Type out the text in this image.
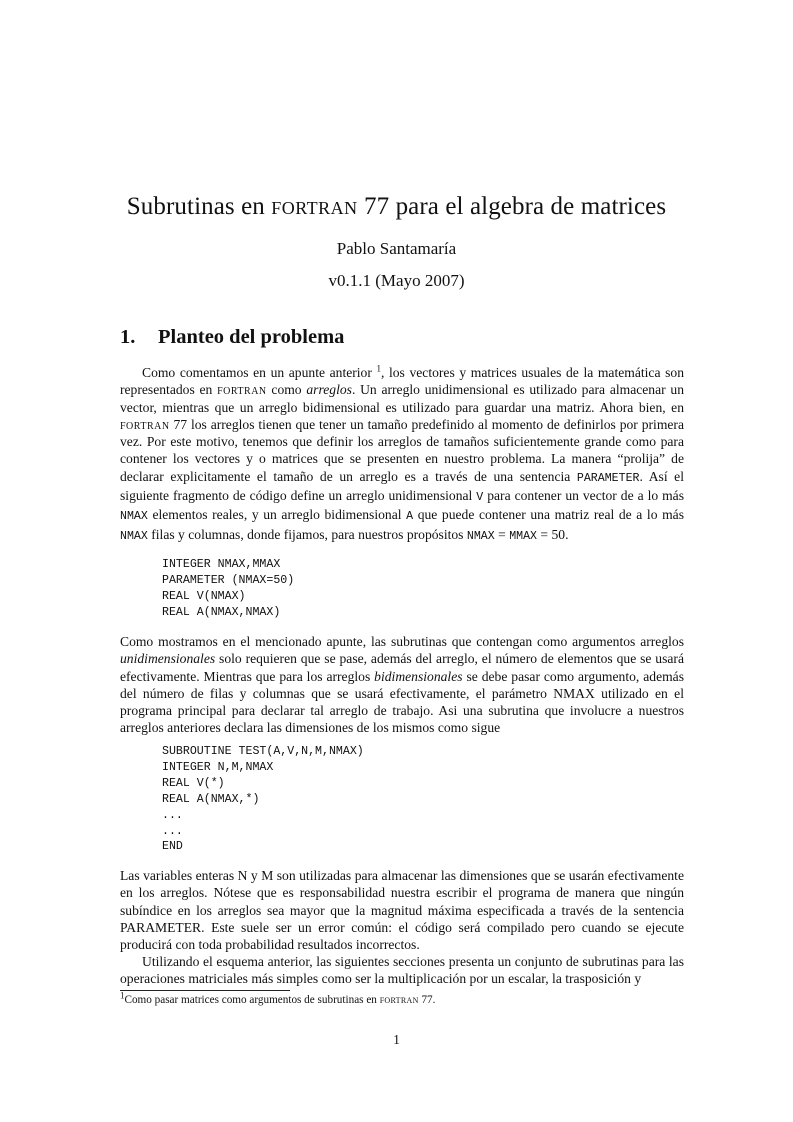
Subrutinas en fortran 77 para el algebra de matrices
Pablo Santamaría
v0.1.1 (Mayo 2007)
1. Planteo del problema

Como comentamos en un apunte anterior $^1$, los vectores y matrices usuales de la matemática son representados en fortran como arreglos. Un arreglo unidimensional es utilizado para almacenar un vector, mientras que un arreglo bidimensional es utilizado para guardar una matriz. Ahora bien, en fortran 77 los arreglos tienen que tener un tamaño predefinido al momento de definirlos por primera vez. Por este motivo, tenemos que definir los arreglos de tamaños suficientemente grande como para contener los vectores y o matrices que se presenten en nuestro problema. La manera “prolija” de declarar explicitamente el tamaño de un arreglo es a través de una sentencia PARAMETER. Así el siguiente fragmento de código define un arreglo unidimensional V para contener un vector de a lo más NMAX elementos reales, y un arreglo bidimensional A que puede contener una matriz real de a lo más NMAX filas y columnas, donde fijamos, para nuestros propósitos NMAX = MMAX = 50.

INTEGER NMAX,MMAX
PARAMETER (NMAX=50)
REAL V(NMAX)
REAL A(NMAX,NMAX)

Como mostramos en el mencionado apunte, las subrutinas que contengan como argumentos arreglos unidimensionales solo requieren que se pase, además del arreglo, el número de elementos que se usará efectivamente. Mientras que para los arreglos bidimensionales se debe pasar como argumento, además del número de filas y columnas que se usará efectivamente, el parámetro NMAX utilizado en el programa principal para declarar tal arreglo de trabajo. Asi una subrutina que involucre a nuestros arreglos anteriores declara las dimensiones de los mismos como sigue

SUBROUTINE TEST(A,V,N,M,NMAX)
INTEGER N,M,NMAX
REAL V(*)
REAL A(NMAX,*)
...
...
END

Las variables enteras N y M son utilizadas para almacenar las dimensiones que se usarán efectivamente en los arreglos. Nótese que es responsabilidad nuestra escribir el programa de manera que ningún subíndice en los arreglos sea mayor que la magnitud máxima especificada a través de la sentencia PARAMETER. Este suele ser un error común: el código será compilado pero cuando se ejecute producirá con toda probabilidad resultados incorrectos.

Utilizando el esquema anterior, las siguientes secciones presenta un conjunto de subrutinas para las operaciones matriciales más simples como ser la multiplicación por un escalar, la trasposición y

$^1$Como pasar matrices como argumentos de subrutinas en fortran 77.
1
